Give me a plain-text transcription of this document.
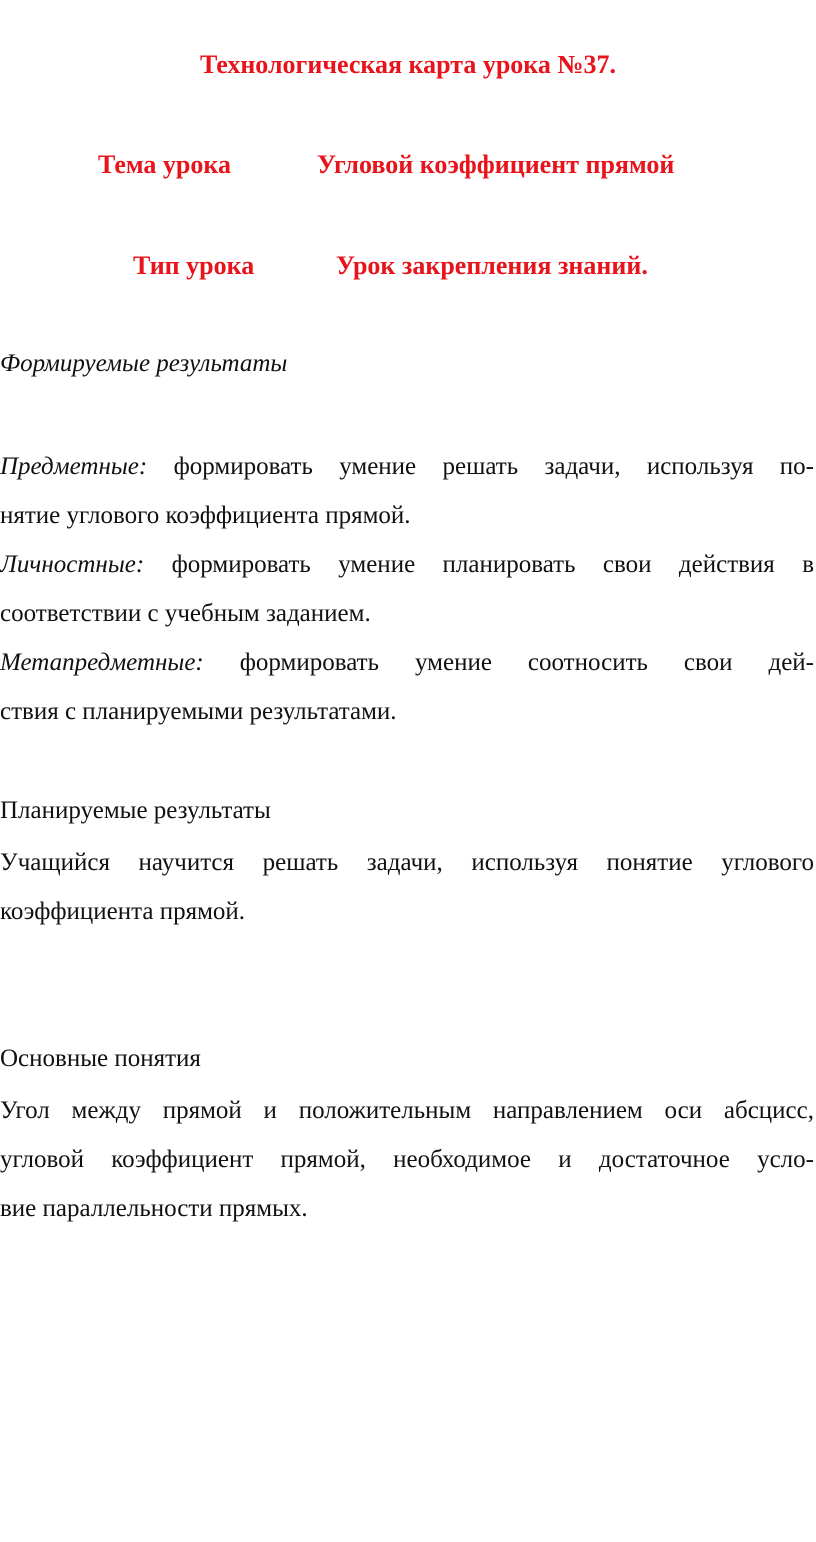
Технологическая карта урока №37.
Тема урока	Угловой коэффициент прямой
Тип урока	Урок закрепления знаний.
Формируемые результаты
Предметные: формировать умение решать задачи, используя по-
нятие углового коэффициента прямой.
Личностные: формировать умение планировать свои действия в
соответствии с учебным заданием.
Метапредметные: формировать умение соотносить свои дей-
ствия с планируемыми результатами.
Планируемые результаты
Учащийся научится решать задачи, используя понятие углового
коэффициента прямой.
Основные понятия
Угол между прямой и положительным направлением оси абсцисс,
угловой коэффициент прямой, необходимое и достаточное усло-
вие параллельности прямых.
